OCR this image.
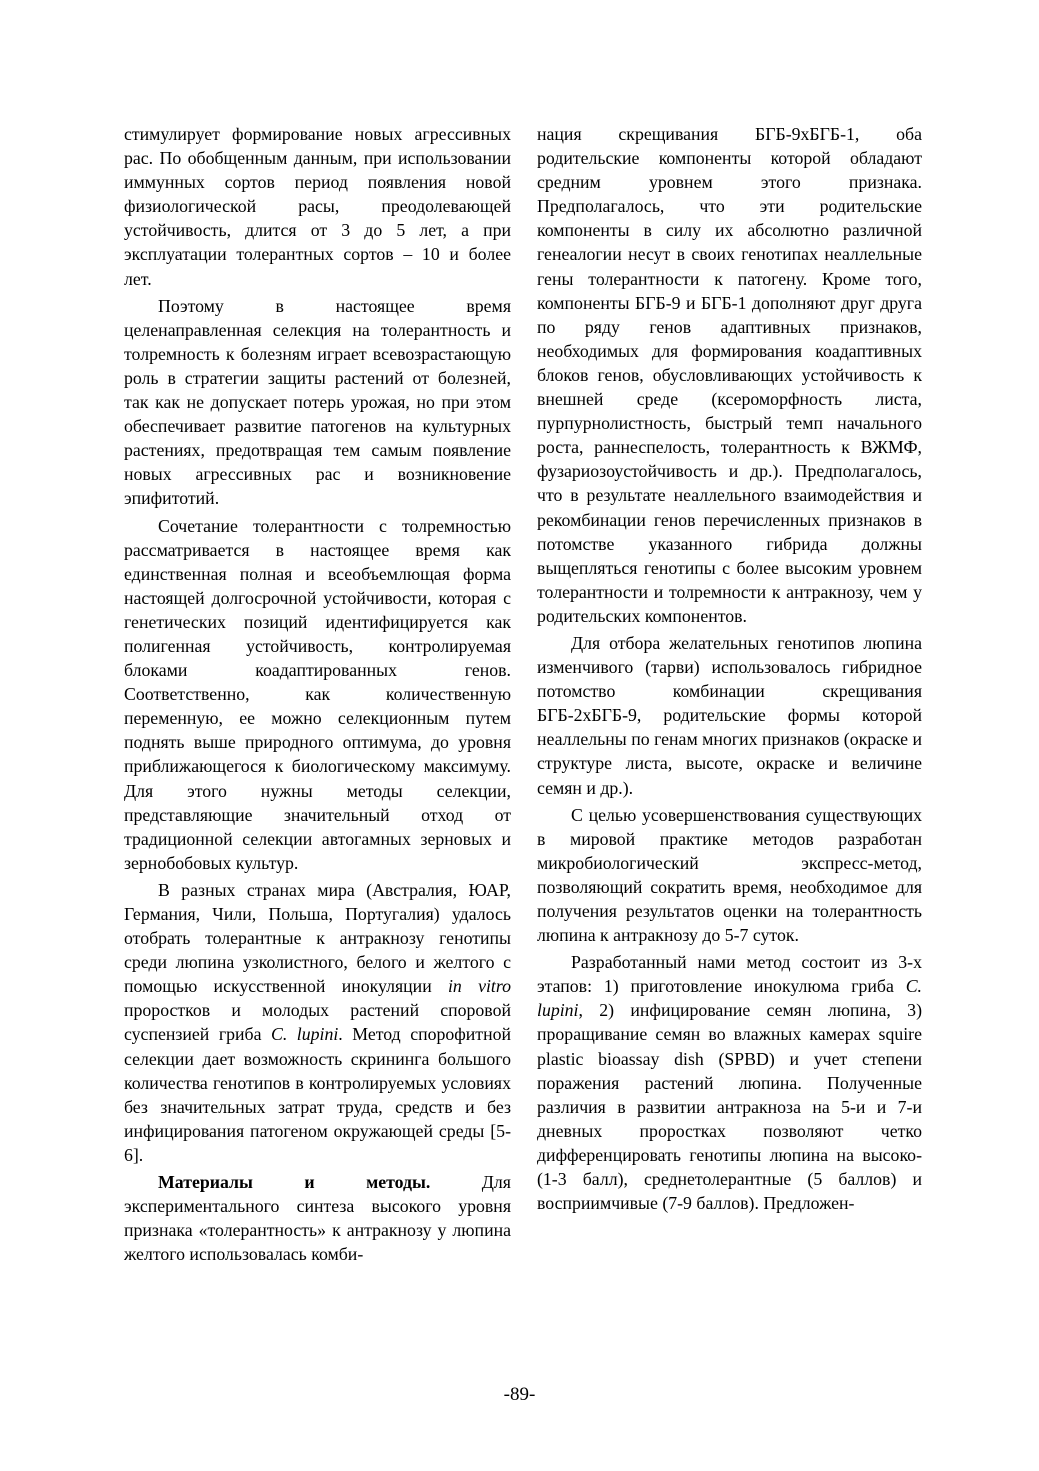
стимулирует формирование новых агрессивных рас. По обобщенным данным, при использовании иммунных сортов период появления новой физиологической расы, преодолевающей устойчивость, длится от 3 до 5 лет, а при эксплуатации толерантных сортов – 10 и более лет.

Поэтому в настоящее время целенаправленная селекция на толерантность и толремность к болезням играет всевозрастающую роль в стратегии защиты растений от болезней, так как не допускает потерь урожая, но при этом обеспечивает развитие патогенов на культурных растениях, предотвращая тем самым появление новых агрессивных рас и возникновение эпифитотий.

Сочетание толерантности с толремностью рассматривается в настоящее время как единственная полная и всеобъемлющая форма настоящей долгосрочной устойчивости, которая с генетических позиций идентифицируется как полигенная устойчивость, контролируемая блоками коадаптированных генов. Соответственно, как количественную переменную, ее можно селекционным путем поднять выше природного оптимума, до уровня приближающегося к биологическому максимуму. Для этого нужны методы селекции, представляющие значительный отход от традиционной селекции автогамных зерновых и зернобобовых культур.

В разных странах мира (Австралия, ЮАР, Германия, Чили, Польша, Португалия) удалось отобрать толерантные к антракнозу генотипы среди люпина узколистного, белого и желтого с помощью искусственной инокуляции in vitro проростков и молодых растений споровой суспензией гриба C. lupini. Метод спорофитной селекции дает возможность скрининга большого количества генотипов в контролируемых условиях без значительных затрат труда, средств и без инфицирования патогеном окружающей среды [5-6].

Материалы и методы. Для экспериментального синтеза высокого уровня признака «толерантность» к антракнозу у люпина желтого использовалась комби-

нация скрещивания БГБ-9хБГБ-1, оба родительские компоненты которой обладают средним уровнем этого признака. Предполагалось, что эти родительские компоненты в силу их абсолютно различной генеалогии несут в своих генотипах неаллельные гены толерантности к патогену. Кроме того, компоненты БГБ-9 и БГБ-1 дополняют друг друга по ряду генов адаптивных признаков, необходимых для формирования коадаптивных блоков генов, обусловливающих устойчивость к внешней среде (ксероморфность листа, пурпурнолистность, быстрый темп начального роста, раннеспелость, толерантность к ВЖМФ, фузариозоустойчивость и др.). Предполагалось, что в результате неаллельного взаимодействия и рекомбинации генов перечисленных признаков в потомстве указанного гибрида должны выщепляться генотипы с более высоким уровнем толерантности и толремности к антракнозу, чем у родительских компонентов.

Для отбора желательных генотипов люпина изменчивого (тарви) использовалось гибридное потомство комбинации скрещивания БГБ-2хБГБ-9, родительские формы которой неаллельны по генам многих признаков (окраске и структуре листа, высоте, окраске и величине семян и др.).

С целью усовершенствования существующих в мировой практике методов разработан микробиологический экспресс-метод, позволяющий сократить время, необходимое для получения результатов оценки на толерантность люпина к антракнозу до 5-7 суток.

Разработанный нами метод состоит из 3-х этапов: 1) приготовление инокулюма гриба C. lupini, 2) инфицирование семян люпина, 3) проращивание семян во влажных камерах squire plastic bioassay dish (SPBD) и учет степени поражения растений люпина. Полученные различия в развитии антракноза на 5-и и 7-и дневных проростках позволяют четко дифференцировать генотипы люпина на высоко- (1-3 балл), среднетолерантные (5 баллов) и восприимчивые (7-9 баллов). Предложен-

-89-
